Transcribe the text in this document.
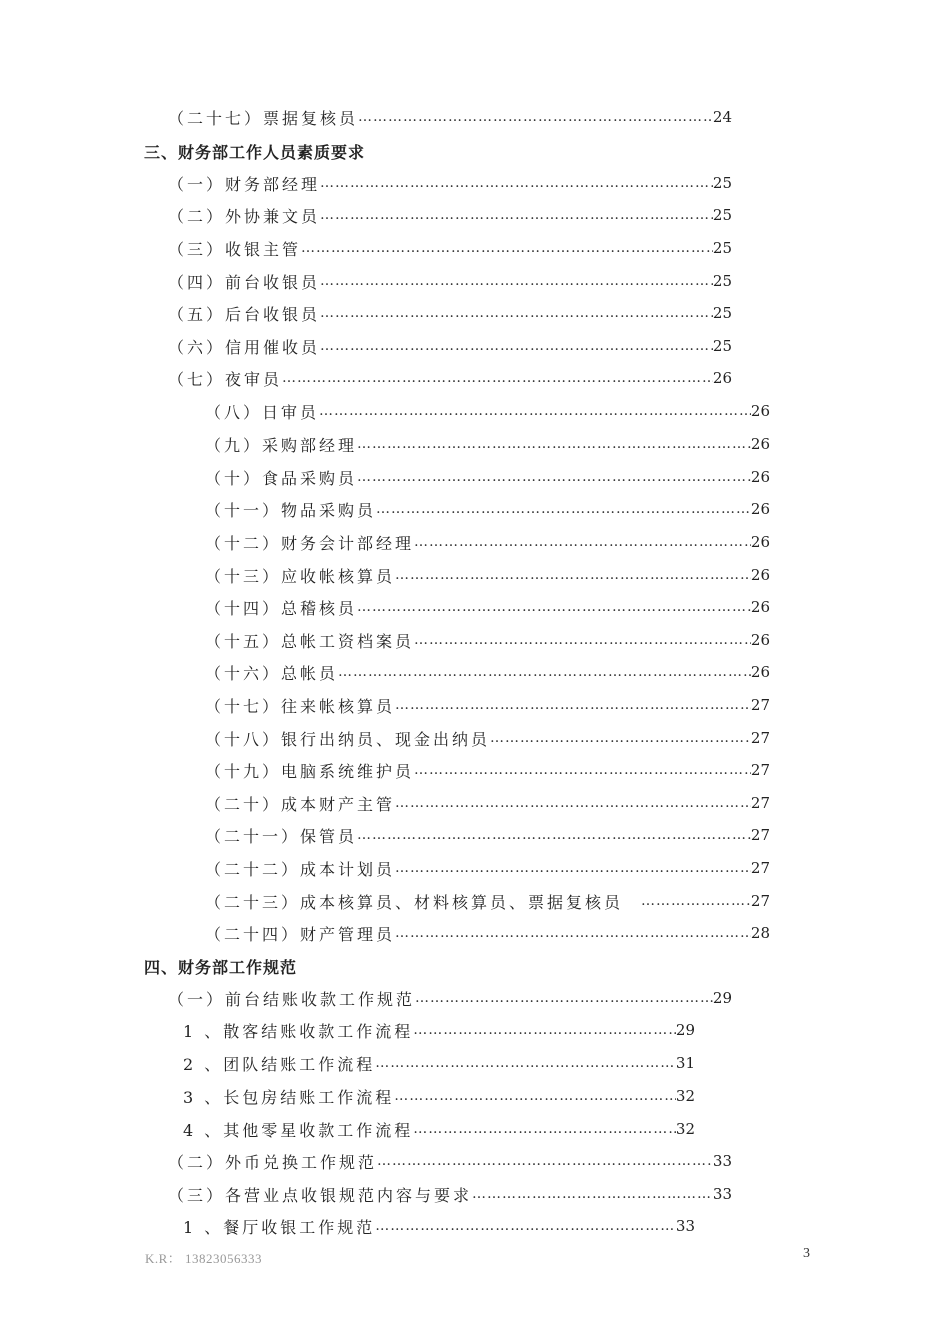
（二十七）票据复核员 ………………………………………………………………………………………………………………………………………………………………………………………………	24
三、财务部工作人员素质要求
（一）财务部经理 ………………………………………………………………………………………………………………………………………………………………………………………………	25
（二）外协兼文员 ………………………………………………………………………………………………………………………………………………………………………………………………	25
（三）收银主管 ………………………………………………………………………………………………………………………………………………………………………………………………	25
（四）前台收银员 ………………………………………………………………………………………………………………………………………………………………………………………………	25
（五）后台收银员 ………………………………………………………………………………………………………………………………………………………………………………………………	25
（六）信用催收员 ………………………………………………………………………………………………………………………………………………………………………………………………	25
（七）夜审员 ………………………………………………………………………………………………………………………………………………………………………………………………	26
（八）日审员 ………………………………………………………………………………………………………………………………………………………………………………………………	26
（九）采购部经理 ………………………………………………………………………………………………………………………………………………………………………………………………	26
（十）食品采购员 ………………………………………………………………………………………………………………………………………………………………………………………………	26
（十一）物品采购员 ………………………………………………………………………………………………………………………………………………………………………………………………	26
（十二）财务会计部经理 ………………………………………………………………………………………………………………………………………………………………………………………………	26
（十三）应收帐核算员 ………………………………………………………………………………………………………………………………………………………………………………………………	26
（十四）总稽核员 ………………………………………………………………………………………………………………………………………………………………………………………………	26
（十五）总帐工资档案员 ………………………………………………………………………………………………………………………………………………………………………………………………	26
（十六）总帐员 ………………………………………………………………………………………………………………………………………………………………………………………………	26
（十七）往来帐核算员 ………………………………………………………………………………………………………………………………………………………………………………………………	27
（十八）银行出纳员、现金出纳员 ………………………………………………………………………………………………………………………………………………………………………………………………	27
（十九）电脑系统维护员 ………………………………………………………………………………………………………………………………………………………………………………………………	27
（二十）成本财产主管 ………………………………………………………………………………………………………………………………………………………………………………………………	27
（二十一）保管员 ………………………………………………………………………………………………………………………………………………………………………………………………	27
（二十二）成本计划员 ………………………………………………………………………………………………………………………………………………………………………………………………	27
（二十三）成本核算员、材料核算员、票据复核员 ………………………………………………………………………………………………………………………………………………………………………………………………	27
（二十四）财产管理员 ………………………………………………………………………………………………………………………………………………………………………………………………	28
四、财务部工作规范
（一）前台结账收款工作规范 ………………………………………………………………………………………………………………………………………………………………………………………………	29
1 、散客结账收款工作流程 ………………………………………………………………………………………………………………………………………………………………………………………………	29
2 、团队结账工作流程 ………………………………………………………………………………………………………………………………………………………………………………………………	31
3 、长包房结账工作流程 ………………………………………………………………………………………………………………………………………………………………………………………………	32
4 、其他零星收款工作流程 ………………………………………………………………………………………………………………………………………………………………………………………………	32
（二）外币兑换工作规范 ………………………………………………………………………………………………………………………………………………………………………………………………	33
（三）各营业点收银规范内容与要求 ………………………………………………………………………………………………………………………………………………………………………………………………	33
1 、餐厅收银工作规范 ………………………………………………………………………………………………………………………………………………………………………………………………	33
K.R： 13823056333	3
